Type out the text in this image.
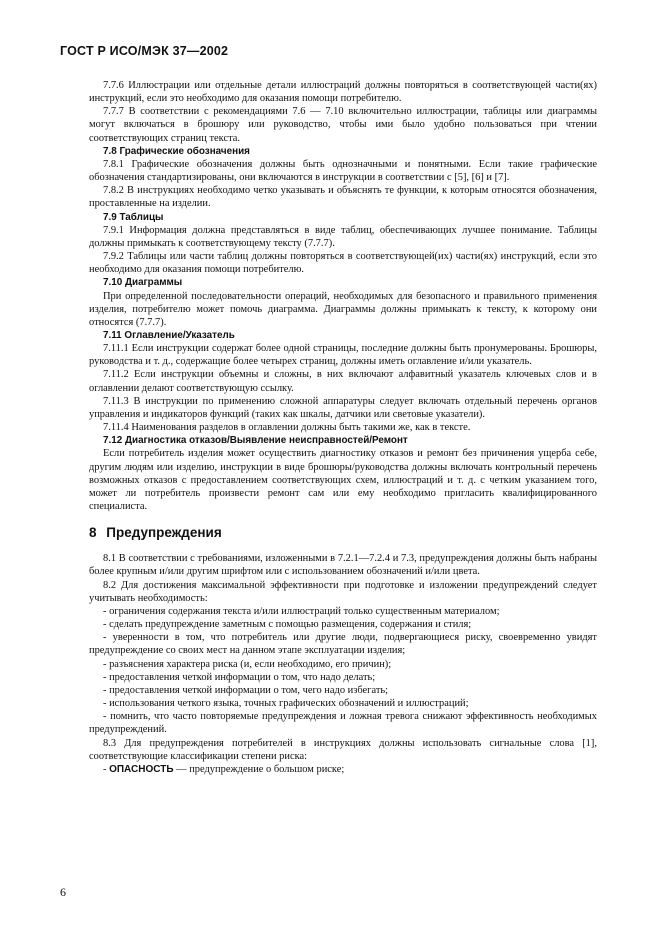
ГОСТ Р ИСО/МЭК 37—2002

7.7.6 Иллюстрации или отдельные детали иллюстраций должны повторяться в соответствующей части(ях) инструкций, если это необходимо для оказания помощи потребителю.

7.7.7 В соответствии с рекомендациями 7.6 — 7.10 включительно иллюстрации, таблицы или диаграммы могут включаться в брошюру или руководство, чтобы ими было удобно пользоваться при чтении соответствующих страниц текста.

7.8 Графические обозначения

7.8.1 Графические обозначения должны быть однозначными и понятными. Если такие графические обозначения стандартизированы, они включаются в инструкции в соответствии с [5], [6] и [7].

7.8.2 В инструкциях необходимо четко указывать и объяснять те функции, к которым относятся обозначения, проставленные на изделии.

7.9 Таблицы

7.9.1 Информация должна представляться в виде таблиц, обеспечивающих лучшее понимание. Таблицы должны примыкать к соответствующему тексту (7.7.7).

7.9.2 Таблицы или части таблиц должны повторяться в соответствующей(их) части(ях) инструкций, если это необходимо для оказания помощи потребителю.

7.10 Диаграммы

При определенной последовательности операций, необходимых для безопасного и правильного применения изделия, потребителю может помочь диаграмма. Диаграммы должны примыкать к тексту, к которому они относятся (7.7.7).

7.11 Оглавление/Указатель

7.11.1 Если инструкции содержат более одной страницы, последние должны быть пронумерованы. Брошюры, руководства и т. д., содержащие более четырех страниц, должны иметь оглавление и/или указатель.

7.11.2 Если инструкции объемны и сложны, в них включают алфавитный указатель ключевых слов и в оглавлении делают соответствующую ссылку.

7.11.3 В инструкции по применению сложной аппаратуры следует включать отдельный перечень органов управления и индикаторов функций (таких как шкалы, датчики или световые указатели).

7.11.4 Наименования разделов в оглавлении должны быть такими же, как в тексте.

7.12 Диагностика отказов/Выявление неисправностей/Ремонт

Если потребитель изделия может осуществить диагностику отказов и ремонт без причинения ущерба себе, другим людям или изделию, инструкции в виде брошюры/руководства должны включать контрольный перечень возможных отказов с предоставлением соответствующих схем, иллюстраций и т. д. с четким указанием того, может ли потребитель произвести ремонт сам или ему необходимо пригласить квалифицированного специалиста.

8 Предупреждения

8.1 В соответствии с требованиями, изложенными в 7.2.1—7.2.4 и 7.3, предупреждения должны быть набраны более крупным и/или другим шрифтом или с использованием обозначений и/или цвета.

8.2 Для достижения максимальной эффективности при подготовке и изложении предупреждений следует учитывать необходимость:

- ограничения содержания текста и/или иллюстраций только существенным материалом;

- сделать предупреждение заметным с помощью размещения, содержания и стиля;

- уверенности в том, что потребитель или другие люди, подвергающиеся риску, своевременно увидят предупреждение со своих мест на данном этапе эксплуатации изделия;

- разъяснения характера риска (и, если необходимо, его причин);

- предоставления четкой информации о том, что надо делать;

- предоставления четкой информации о том, чего надо избегать;

- использования четкого языка, точных графических обозначений и иллюстраций;

- помнить, что часто повторяемые предупреждения и ложная тревога снижают эффективность необходимых предупреждений.

8.3 Для предупреждения потребителей в инструкциях должны использовать сигнальные слова [1], соответствующие классификации степени риска:

- ОПАСНОСТЬ — предупреждение о большом риске;

6
